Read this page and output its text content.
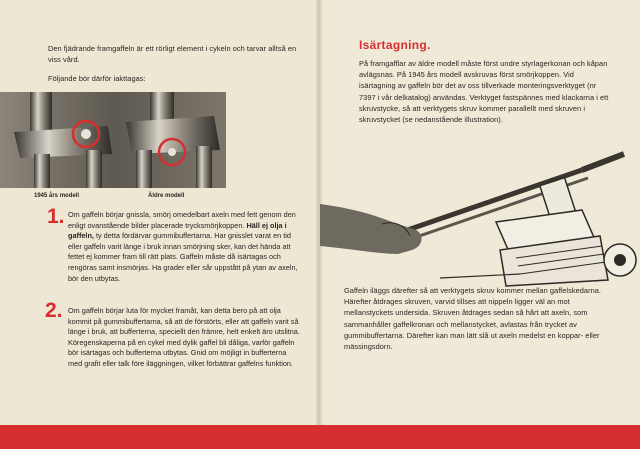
Den fjädrande framgaffeln är ett rörligt element i cykeln och tarvar alltså en viss vård.

Följande bör därför iakttagas:

1945 års modell	Äldre modell
1. Om gaffeln börjar gnissla, smörj omedelbart axeln med fett genom den enligt ovanstående bilder placerade trycksmörjkoppen. Häll ej olja i gaffeln, ty detta fördärvar gummibuffertarna. Har gnisslet varat en tid eller gaffeln varit länge i bruk innan smörjning sker, kan det hända att fettet ej kommer fram till rätt plats. Gaffeln måste då isärtagas och rengöras samt insmörjas. Ha grader eller sår uppstått på ytan av axeln, bör den utbytas.
2. Om gaffeln börjar luta för mycket framåt, kan detta bero på att olja kommit på gummibuffertarna, så att de förstörts, eller att gaffeln varit så länge i bruk, att bufferterna, speciellt den främre, helt enkelt äro utslitna. Köregenskaperna på en cykel med dylik gaffel bli dåliga, varför gaffeln bör isärtagas och bufferterna utbytas. Gnid om möjligt in bufferterna med grafit eller talk före iläggningen, vilket förbättrar gaffelns funktion.
Isärtagning.
På framgafflar av äldre modell måste först undre styrlagerkonan och kåpan avlägsnas. På 1945 års modell avskruvas först smörjkoppen. Vid isärtagning av gaffeln bör det av oss tillverkade monteringsverktyget (nr 7397 i vår delkatalog) användas. Verktyget fastspännes med klackarna i ett skruvstycke, så att verktygets skruv kommer parallellt med skruven i skruvstycket (se nedanstående illustration).
Gaffeln iläggs därefter så att verktygets skruv kommer mellan gaffelskedarna. Härefter åtdrages skruven, varvid tillses att nippeln ligger väl an mot mellanstyckets undersida. Skruven åtdrages sedan så hårt att axeln, som sammanhåller gaffelkronan och mellanstycket, avlastas från trycket av gummibuffertarna. Därefter kan man lätt slå ut axeln medelst en koppar- eller mässingsdorn.
